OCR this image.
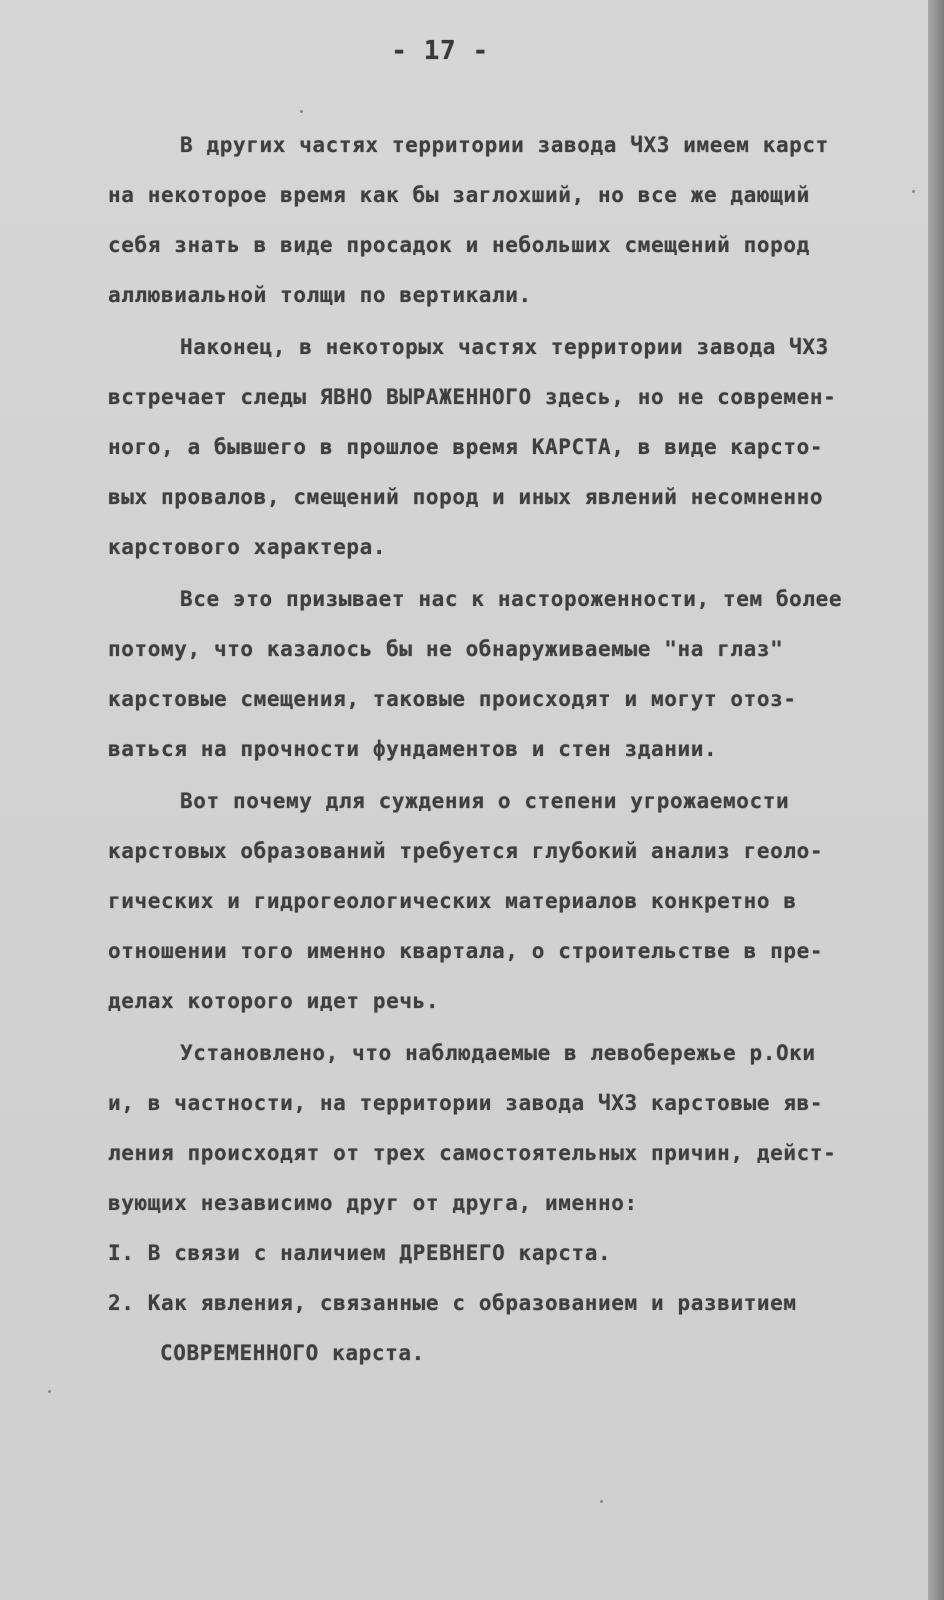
- 17 -
В других частях территории завода ЧХЗ имеем карст
на некоторое время как бы заглохший, но все же дающий
себя знать в виде просадок и небольших смещений пород
аллювиальной толщи по вертикали.
Наконец, в некоторых частях территории завода ЧХЗ
встречает следы ЯВНО ВЫРАЖЕННОГО здесь, но не современ-
ного, а бывшего в прошлое время КАРСТА, в виде карсто-
вых провалов, смещений пород и иных явлений несомненно
карстового характера.
Все это призывает нас к настороженности, тем более
потому, что казалось бы не обнаруживаемые "на глаз"
карстовые смещения, таковые происходят и могут отоз-
ваться на прочности фундаментов и стен здании.
Вот почему для суждения о степени угрожаемости
карстовых образований требуется глубокий анализ геоло-
гических и гидрогеологических материалов конкретно в
отношении того именно квартала, о строительстве в пре-
делах которого идет речь.
Установлено, что наблюдаемые в левобережье р.Оки
и, в частности, на территории завода ЧХЗ карстовые яв-
ления происходят от трех самостоятельных причин, дейст-
вующих независимо друг от друга, именно:
I. В связи с наличием ДРЕВНЕГО карста.
2. Как явления, связанные с образованием и развитием
СОВРЕМЕННОГО карста.
